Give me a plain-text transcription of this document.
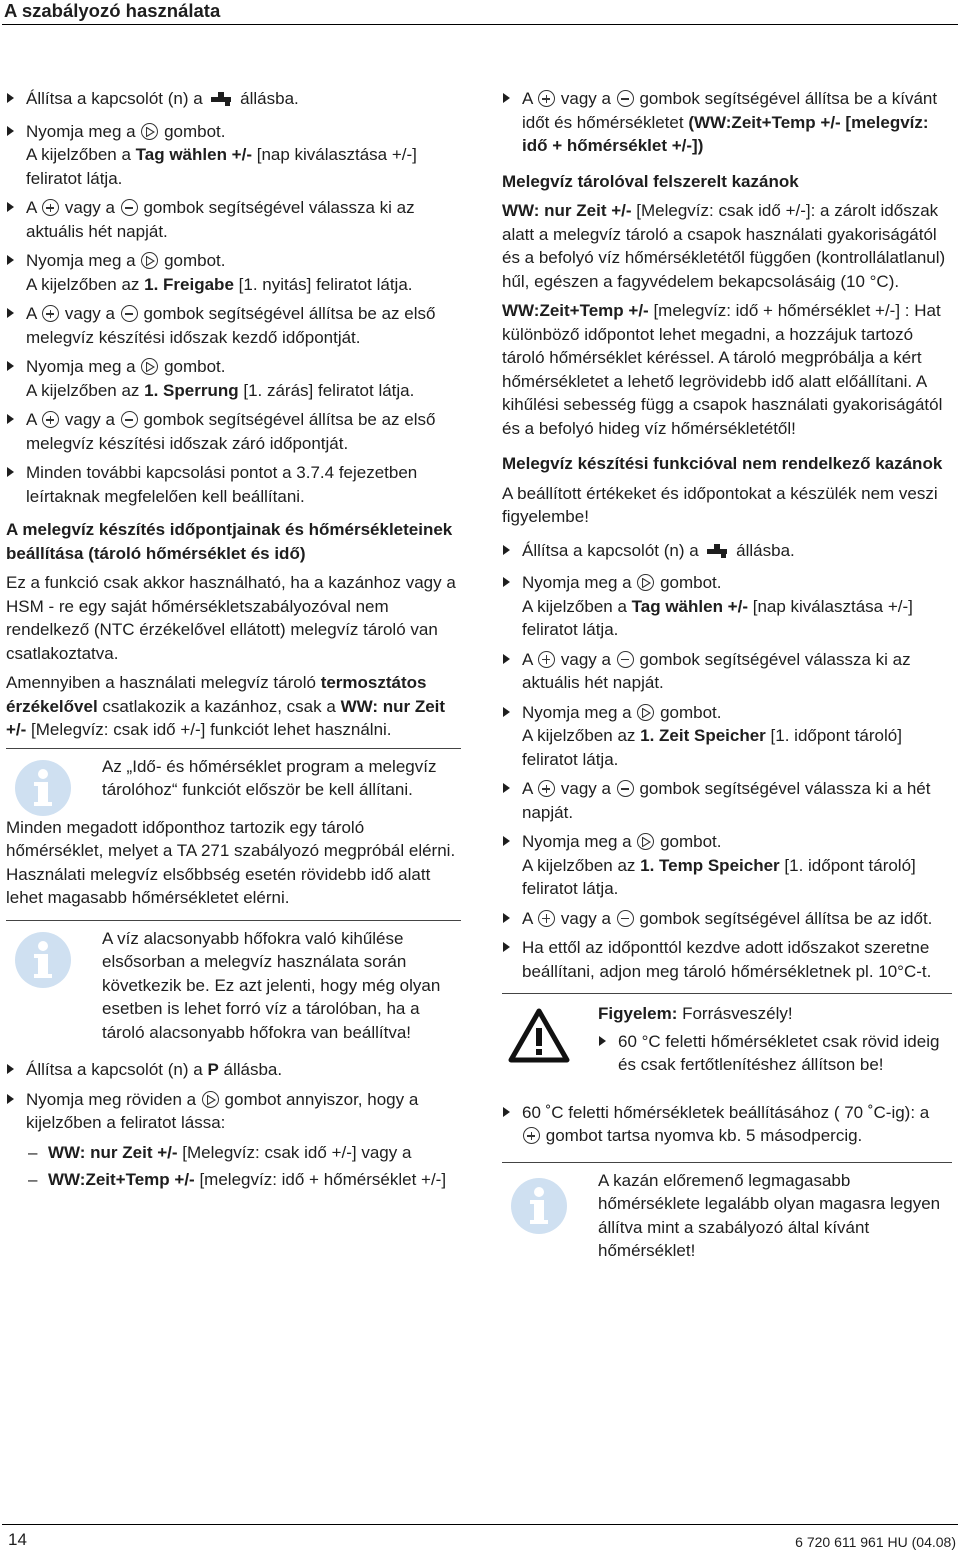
A szabályozó használata
Állítsa a kapcsolót (n) a állásba.
Nyomja meg a gombot.
A kijelzőben a Tag wählen +/- [nap kiválasztása +/-] feliratot látja.
A vagy a gombok segítségével válassza ki az aktuális hét napját.
Nyomja meg a gombot.
A kijelzőben az 1. Freigabe [1. nyitás] feliratot látja.
A vagy a gombok segítségével állítsa be az első melegvíz készítési időszak kezdő időpontját.
Nyomja meg a gombot.
A kijelzőben az 1. Sperrung [1. zárás] feliratot látja.
A vagy a gombok segítségével állítsa be az első melegvíz készítési időszak záró időpontját.
Minden további kapcsolási pontot a 3.7.4 fejezetben leírtaknak megfelelően kell beállítani.

A melegvíz készítés időpontjainak és hőmérsékleteinek beállítása (tároló hőmérséklet és idő)

Ez a funkció csak akkor használható, ha a kazánhoz vagy a HSM - re egy saját hőmérsékletszabályozóval nem rendelkező (NTC érzékelővel ellátott) melegvíz tároló van csatlakoztatva.

Amennyiben a használati melegvíz tároló termosztátos érzékelővel csatlakozik a kazánhoz, csak a WW: nur Zeit +/- [Melegvíz: csak idő +/-] funkciót lehet használni.

Az „Idő- és hőmérséklet program a melegvíz tárolóhoz“ funkciót először be kell állítani.

Minden megadott időponthoz tartozik egy tároló hőmérséklet, melyet a TA 271 szabályozó megpróbál elérni. Használati melegvíz elsőbbség esetén rövidebb idő alatt lehet magasabb hőmérsékletet elérni.

A víz alacsonyabb hőfokra való kihűlése elsősorban a melegvíz használata során következik be. Ez azt jelenti, hogy még olyan esetben is lehet forró víz a tárolóban, ha a tároló alacsonyabb hőfokra van beállítva!

Állítsa a kapcsolót (n) a P állásba.
Nyomja meg röviden a gombot annyiszor, hogy a kijelzőben a feliratot lássa:
– WW: nur Zeit +/- [Melegvíz: csak idő +/-] vagy a
– WW:Zeit+Temp +/- [melegvíz: idő + hőmérséklet +/-]
A vagy a gombok segítségével állítsa be a kívánt időt és hőmérsékletet (WW:Zeit+Temp +/- [melegvíz: idő + hőmérséklet +/-])

Melegvíz tárolóval felszerelt kazánok

WW: nur Zeit +/- [Melegvíz: csak idő +/-]: a zárolt időszak alatt a melegvíz tároló a csapok használati gyakoriságától és a befolyó víz hőmérsékletétől függően (kontrollálatlanul) hűl, egészen a fagyvédelem bekapcsolásáig (10 °C).

WW:Zeit+Temp +/- [melegvíz: idő + hőmérséklet +/-] : Hat különböző időpontot lehet megadni, a hozzájuk tartozó tároló hőmérséklet kéréssel. A tároló megpróbálja a kért hőmérsékletet a lehető legrövidebb idő alatt előállítani. A kihűlési sebesség függ a csapok használati gyakoriságától és a befolyó hideg víz hőmérsékletétől!

Melegvíz készítési funkcióval nem rendelkező kazánok

A beállított értékeket és időpontokat a készülék nem veszi figyelembe!

Állítsa a kapcsolót (n) a állásba.
Nyomja meg a gombot.
A kijelzőben a Tag wählen +/- [nap kiválasztása +/-] feliratot látja.
A vagy a gombok segítségével válassza ki az aktuális hét napját.
Nyomja meg a gombot.
A kijelzőben az 1. Zeit Speicher [1. időpont tároló] feliratot látja.
A vagy a gombok segítségével válassza ki a hét napját.
Nyomja meg a gombot.
A kijelzőben az 1. Temp Speicher [1. időpont tároló] feliratot látja.
A vagy a gombok segítségével állítsa be az időt.
Ha ettől az időponttól kezdve adott időszakot szeretne beállítani, adjon meg tároló hőmérsékletnek pl. 10°C-t.

Figyelem: Forrásveszély!

60 °C feletti hőmérsékletet csak rövid ideig és csak fertőtlenítéshez állítson be!
60 ˚C feletti hőmérsékletek beállításához ( 70 ˚C-ig): a  gombot tartsa nyomva kb. 5 másodpercig.

A kazán előremenő legmagasabb hőmérséklete legalább olyan magasra legyen állítva mint a szabályozó által kívánt hőmérséklet!

14	6 720 611 961 HU (04.08)
